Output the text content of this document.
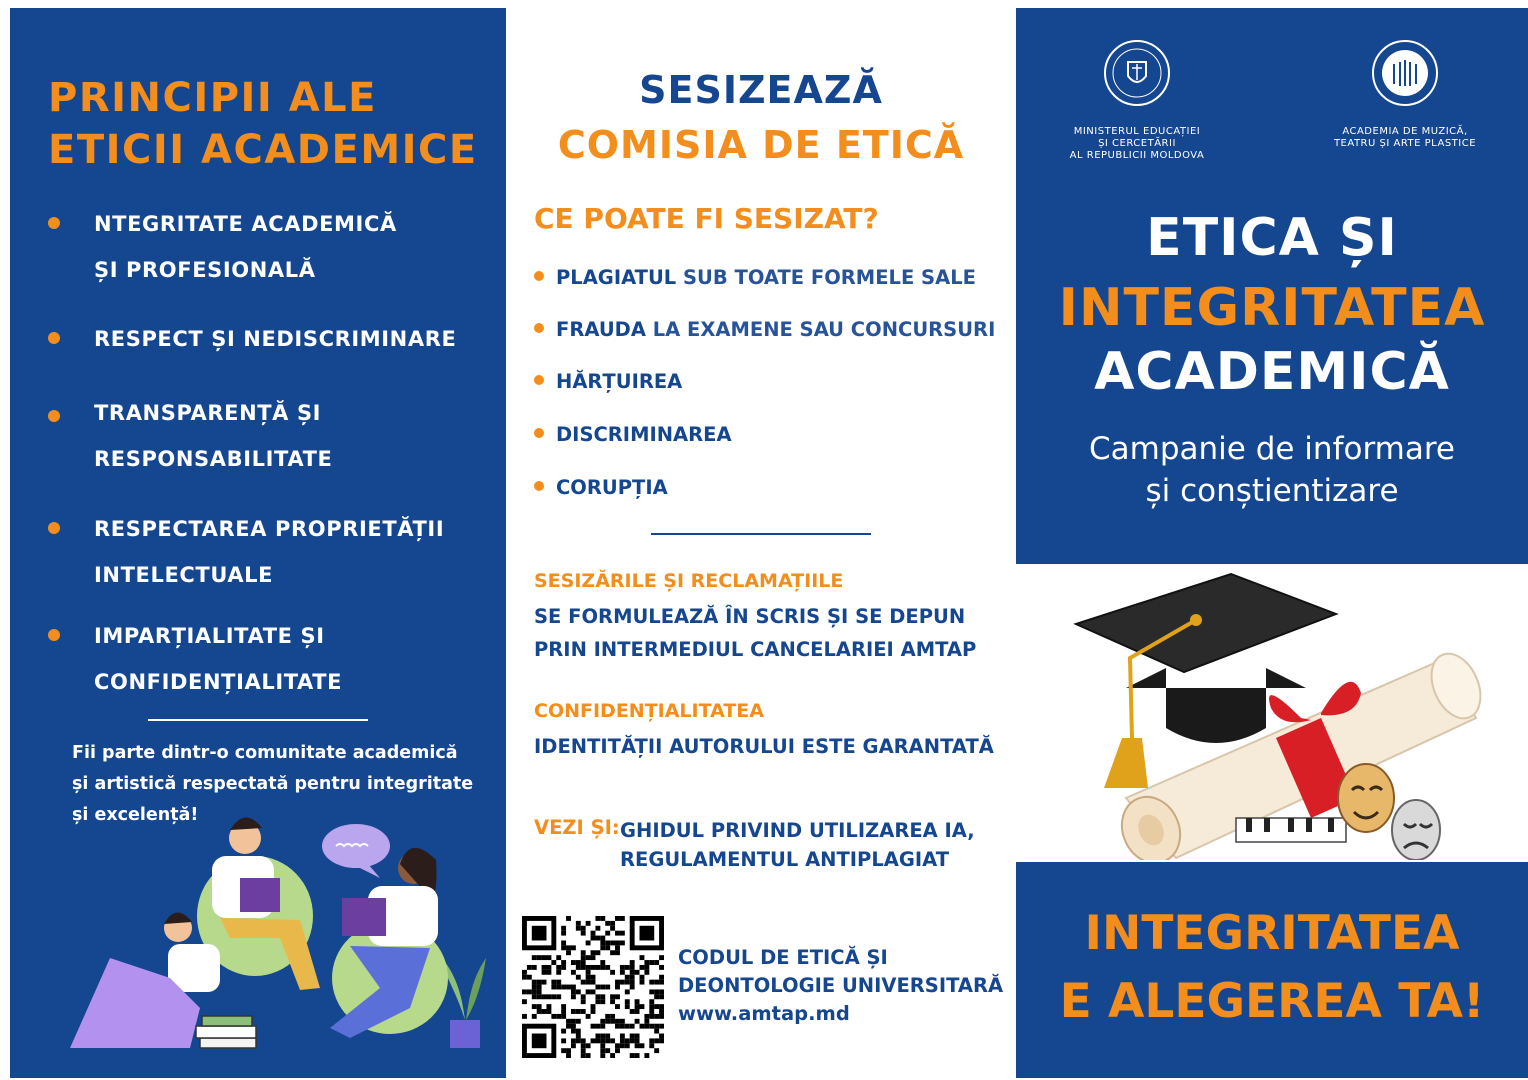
PRINCIPII ALE
ETICII ACADEMICE
NTEGRITATE ACADEMICĂ
ȘI PROFESIONALĂ
RESPECT ȘI NEDISCRIMINARE
TRANSPARENȚĂ ȘI
RESPONSABILITATE
RESPECTAREA PROPRIETĂȚII
INTELECTUALE
IMPARȚIALITATE ȘI
CONFIDENȚIALITATE
Fii parte dintr-o comunitate academică
și artistică respectată pentru integritate
și excelență!
SESIZEAZĂ
COMISIA DE ETICĂ
CE POATE FI SESIZAT?
PLAGIATUL SUB TOATE FORMELE SALE
FRAUDA LA EXAMENE SAU CONCURSURI
HĂRȚUIREA
DISCRIMINAREA
CORUPȚIA
SESIZĂRILE ȘI RECLAMAȚIILE
SE FORMULEAZĂ ÎN SCRIS ȘI SE DEPUN
PRIN INTERMEDIUL CANCELARIEI AMTAP
CONFIDENȚIALITATEA
IDENTITĂȚII AUTORULUI ESTE GARANTATĂ
VEZI ȘI: GHIDUL PRIVIND UTILIZAREA IA,
REGULAMENTUL ANTIPLAGIAT
CODUL DE ETICĂ ȘI
DEONTOLOGIE UNIVERSITARĂ
www.amtap.md
MINISTERUL EDUCAȚIEI
ȘI CERCETĂRII
AL REPUBLICII MOLDOVA
ACADEMIA DE MUZICĂ,
TEATRU ȘI ARTE PLASTICE
ETICA ȘI
INTEGRITATEA
ACADEMICĂ
Campanie de informare
și conștientizare
INTEGRITATEA
E ALEGEREA TA!
